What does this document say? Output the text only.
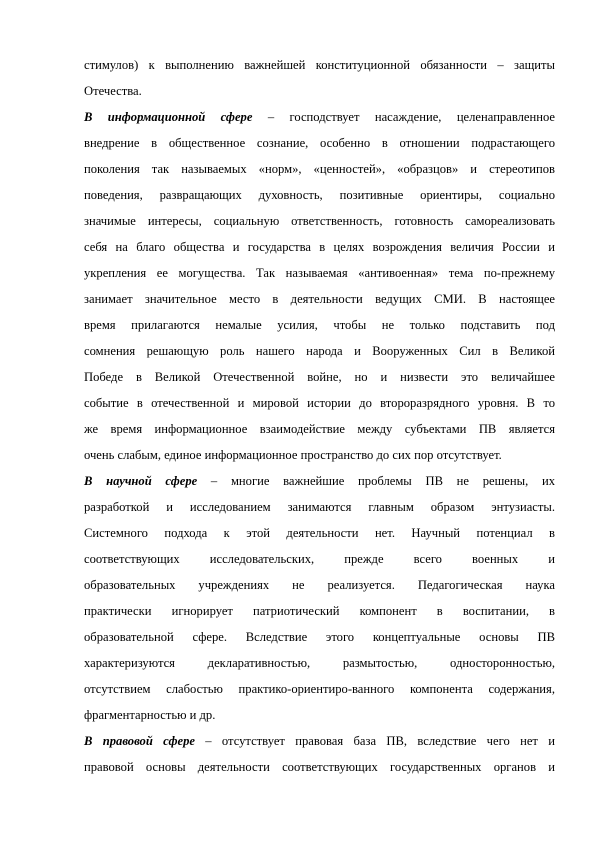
стимулов) к выполнению важнейшей конституционной обязанности – защиты
Отечества.
В информационной сфере – господствует насаждение, целенаправленное
внедрение в общественное сознание, особенно в отношении подрастающего
поколения так называемых «норм», «ценностей», «образцов» и стереотипов
поведения, развращающих духовность, позитивные ориентиры, социально
значимые интересы, социальную ответственность, готовность самореализовать
себя на благо общества и государства в целях возрождения величия России и
укрепления ее могущества. Так называемая «антивоенная» тема по-прежнему
занимает значительное место в деятельности ведущих СМИ. В настоящее
время прилагаются немалые усилия, чтобы не только подставить под
сомнения решающую роль нашего народа и Вооруженных Сил в Великой
Победе в Великой Отечественной войне, но и низвести это величайшее
событие в отечественной и мировой истории до второразрядного уровня. В то
же время информационное взаимодействие между субъектами ПВ является
очень слабым, единое информационное пространство до сих пор отсутствует.
В научной сфере – многие важнейшие проблемы ПВ не решены, их
разработкой и исследованием занимаются главным образом энтузиасты.
Системного подхода к этой деятельности нет. Научный потенциал в
соответствующих исследовательских, прежде всего военных и
образовательных учреждениях не реализуется. Педагогическая наука
практически игнорирует патриотический компонент в воспитании, в
образовательной сфере. Вследствие этого концептуальные основы ПВ
характеризуются декларативностью, размытостью, односторонностью,
отсутствием слабостью практико-ориентиро-ванного компонента содержания,
фрагментарностью и др.
В правовой сфере – отсутствует правовая база ПВ, вследствие чего нет и
правовой основы деятельности соответствующих государственных органов и
